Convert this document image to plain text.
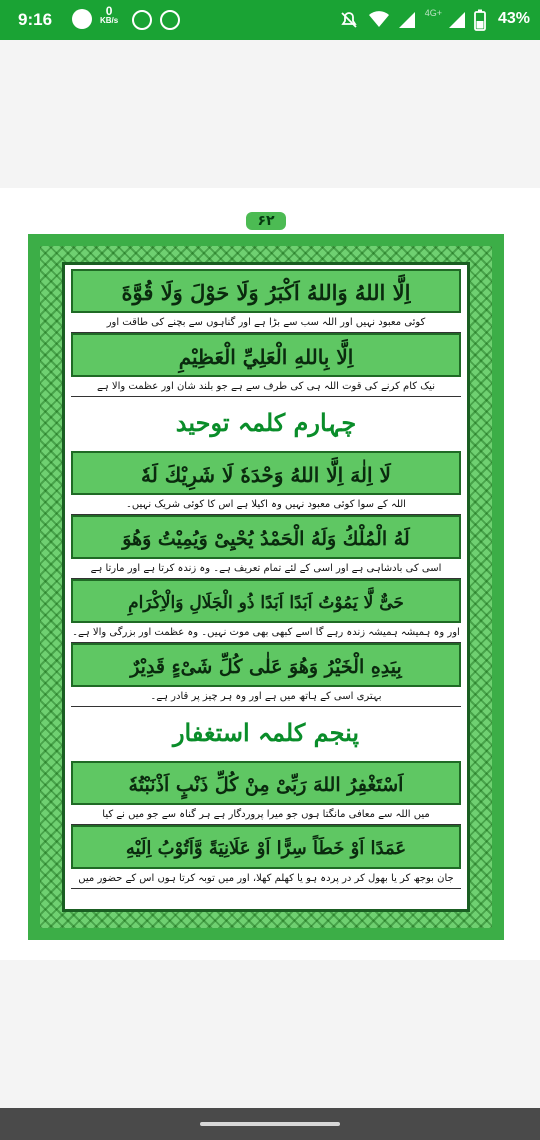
9:16	0
KB/s
4G+	43%
۶۲
اِلَّا اللهُ وَاللهُ اَكْبَرُ وَلَا حَوْلَ وَلَا قُوَّةَ
کوئی معبود نہیں اور اللہ سب سے بڑا ہے اور گناہوں سے بچنے کی طاقت اور
اِلَّا بِاللهِ الْعَلِيِّ الْعَظِيْمِ
نیک کام کرنے کی قوت اللہ ہی کی طرف سے ہے جو بلند شان اور عظمت والا ہے
چہارم کلمہ توحید
لَا اِلٰهَ اِلَّا اللهُ وَحْدَهٗ لَا شَرِيْكَ لَهٗ
اللہ کے سوا کوئی معبود نہیں وہ اکیلا ہے اس کا کوئی شریک نہیں۔
لَهُ الْمُلْكُ وَلَهُ الْحَمْدُ يُحْيِیْ وَيُمِيْتُ وَهُوَ
اسی کی بادشاہی ہے اور اسی کے لئے تمام تعریف ہے۔ وہ زندہ کرتا ہے اور مارتا ہے
حَیٌّ لَّا يَمُوْتُ اَبَدًا اَبَدًا ذُو الْجَلَالِ وَالْاِكْرَامِ
اور وہ ہمیشہ ہمیشہ زندہ رہے گا اسے کبھی بھی موت نہیں۔ وہ عظمت اور بزرگی والا ہے۔
بِيَدِهِ الْخَيْرُ وَهُوَ عَلٰى كُلِّ شَیْءٍ قَدِيْرٌ
بہتری اسی کے ہاتھ میں ہے اور وہ ہر چیز پر قادر ہے۔
پنجم کلمہ استغفار
اَسْتَغْفِرُ اللهَ رَبِّیْ مِنْ كُلِّ ذَنْبٍ اَذْنَبْتُهٗ
میں اللہ سے معافی مانگتا ہوں جو میرا پروردگار ہے ہر گناہ سے جو میں نے کیا
عَمَدًا اَوْ خَطَاً سِرًّا اَوْ عَلَانِيَةً وَّاَتُوْبُ اِلَيْهِ
جان بوجھ کر یا بھول کر در پردہ ہو یا کھلم کھلا، اور میں توبہ کرتا ہوں اس کے حضور میں
